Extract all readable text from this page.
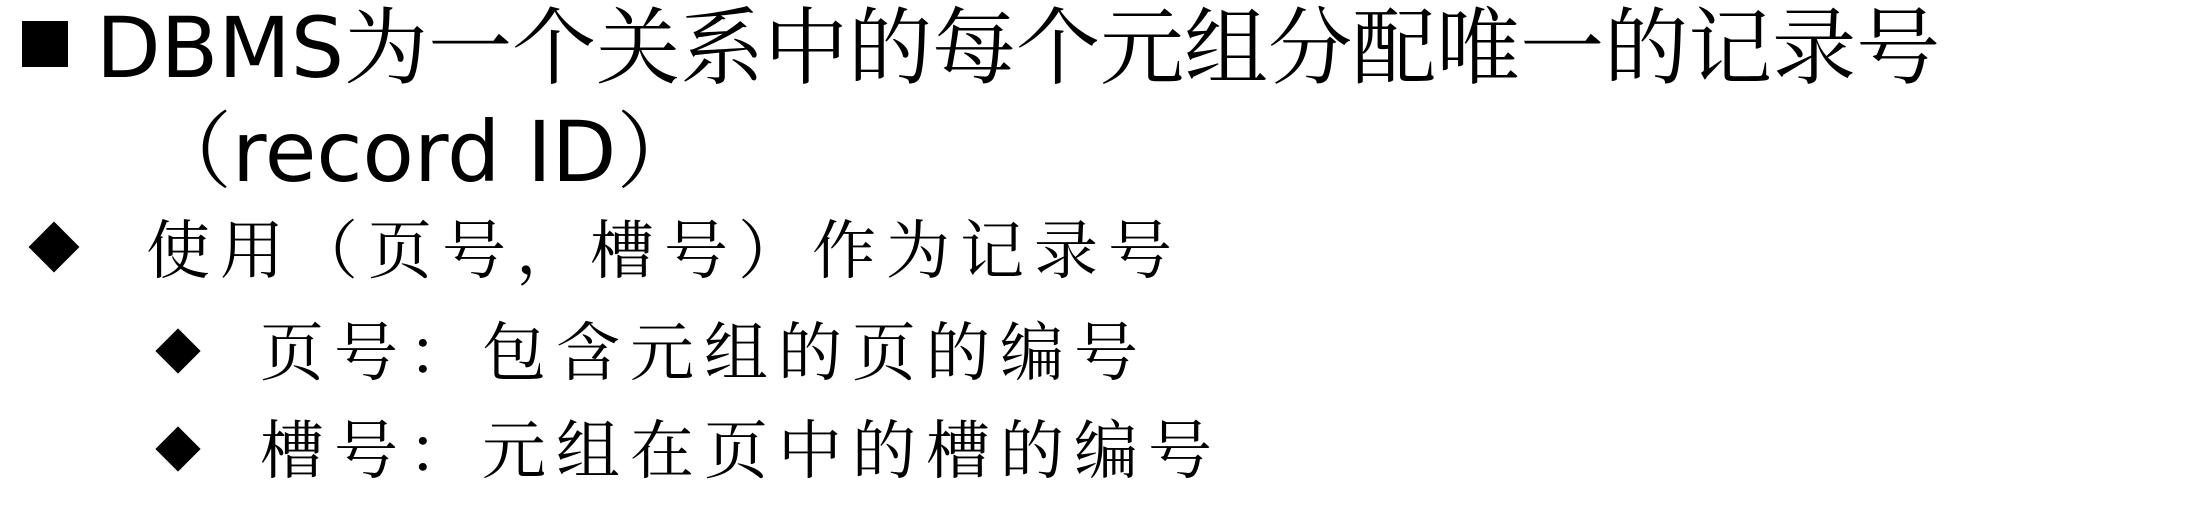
DBMS为一个关系中的每个元组分配唯一的记录号
（record ID）
使用（页号，槽号）作为记录号
页号：包含元组的页的编号
槽号：元组在页中的槽的编号
